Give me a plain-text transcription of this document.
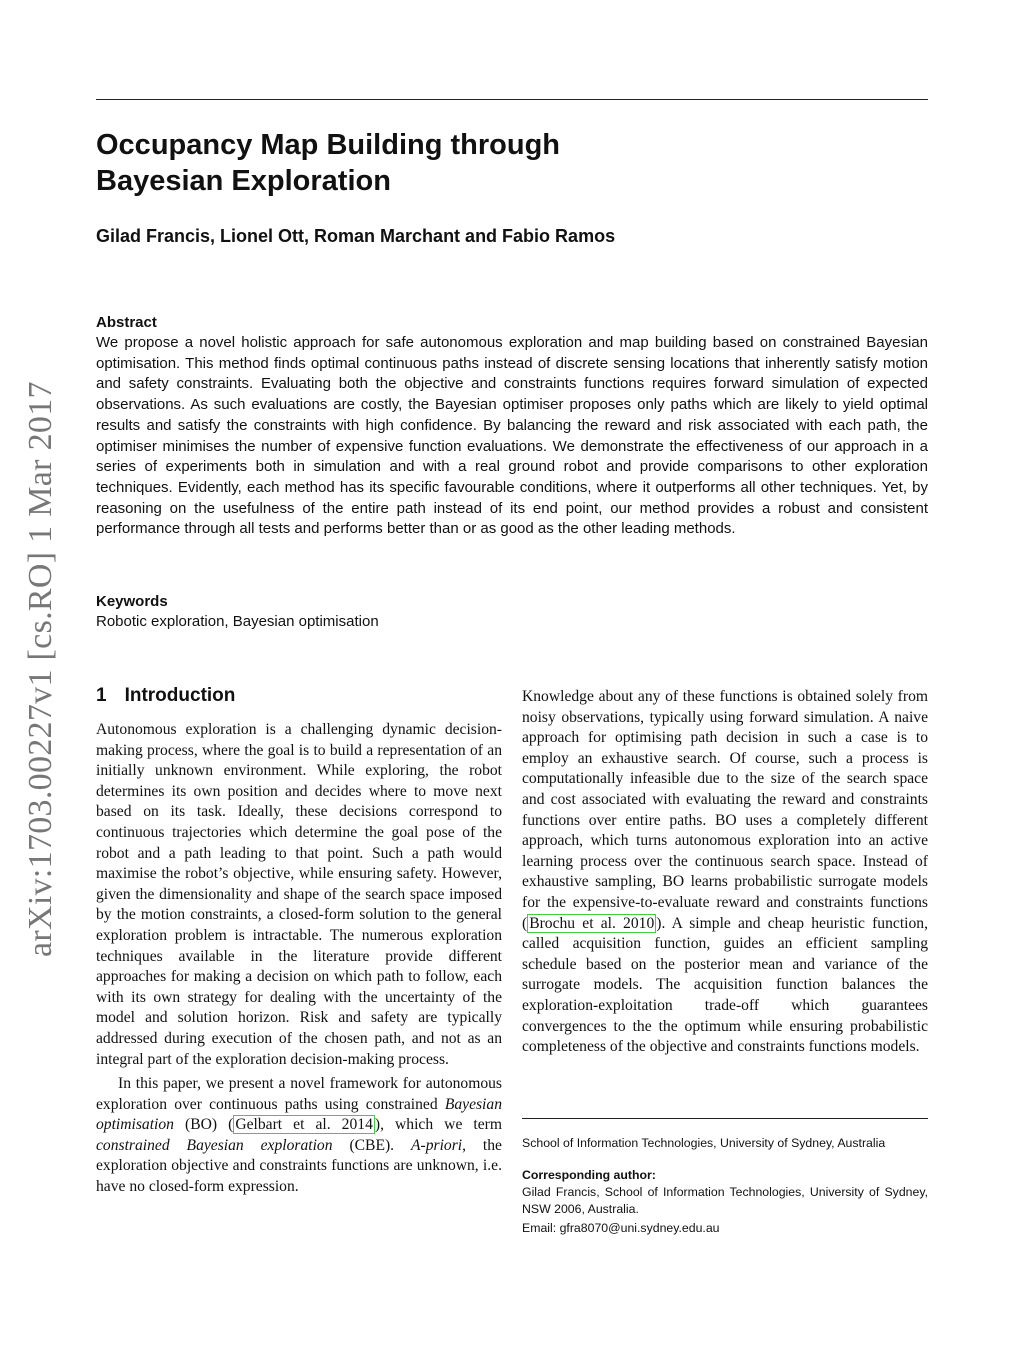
Occupancy Map Building through
Bayesian Exploration
Gilad Francis, Lionel Ott, Roman Marchant and Fabio Ramos
Abstract
We propose a novel holistic approach for safe autonomous exploration and map building based on constrained Bayesian optimisation. This method finds optimal continuous paths instead of discrete sensing locations that inherently satisfy motion and safety constraints. Evaluating both the objective and constraints functions requires forward simulation of expected observations. As such evaluations are costly, the Bayesian optimiser proposes only paths which are likely to yield optimal results and satisfy the constraints with high confidence. By balancing the reward and risk associated with each path, the optimiser minimises the number of expensive function evaluations. We demonstrate the effectiveness of our approach in a series of experiments both in simulation and with a real ground robot and provide comparisons to other exploration techniques. Evidently, each method has its specific favourable conditions, where it outperforms all other techniques. Yet, by reasoning on the usefulness of the entire path instead of its end point, our method provides a robust and consistent performance through all tests and performs better than or as good as the other leading methods.
Keywords
Robotic exploration, Bayesian optimisation
arXiv:1703.00227v1 [cs.RO] 1 Mar 2017 1 Introduction

Autonomous exploration is a challenging dynamic decision-making process, where the goal is to build a representation of an initially unknown environment. While exploring, the robot determines its own position and decides where to move next based on its task. Ideally, these decisions correspond to continuous trajectories which determine the goal pose of the robot and a path leading to that point. Such a path would maximise the robot’s objective, while ensuring safety. However, given the dimensionality and shape of the search space imposed by the motion constraints, a closed-form solution to the general exploration problem is intractable. The numerous exploration techniques available in the literature provide different approaches for making a decision on which path to follow, each with its own strategy for dealing with the uncertainty of the model and solution horizon. Risk and safety are typically addressed during execution of the chosen path, and not as an integral part of the exploration decision-making process.

In this paper, we present a novel framework for autonomous exploration over continuous paths using constrained Bayesian optimisation (BO) ( Gelbart et al. 2014 ), which we term constrained Bayesian exploration (CBE). A-priori, the exploration objective and constraints functions are unknown, i.e. have no closed-form expression.

Knowledge about any of these functions is obtained solely from noisy observations, typically using forward simulation. A naive approach for optimising path decision in such a case is to employ an exhaustive search. Of course, such a process is computationally infeasible due to the size of the search space and cost associated with evaluating the reward and constraints functions over entire paths. BO uses a completely different approach, which turns autonomous exploration into an active learning process over the continuous search space. Instead of exhaustive sampling, BO learns probabilistic surrogate models for the expensive-to-evaluate reward and constraints functions ( Brochu et al. 2010 ). A simple and cheap heuristic function, called acquisition function, guides an efficient sampling schedule based on the posterior mean and variance of the surrogate models. The acquisition function balances the exploration-exploitation trade-off which guarantees convergences to the the optimum while ensuring probabilistic completeness of the objective and constraints functions models.

School of Information Technologies, University of Sydney, Australia
Corresponding author:
Gilad Francis, School of Information Technologies, University of Sydney, NSW 2006, Australia.
Email: gfra8070@uni.sydney.edu.au
